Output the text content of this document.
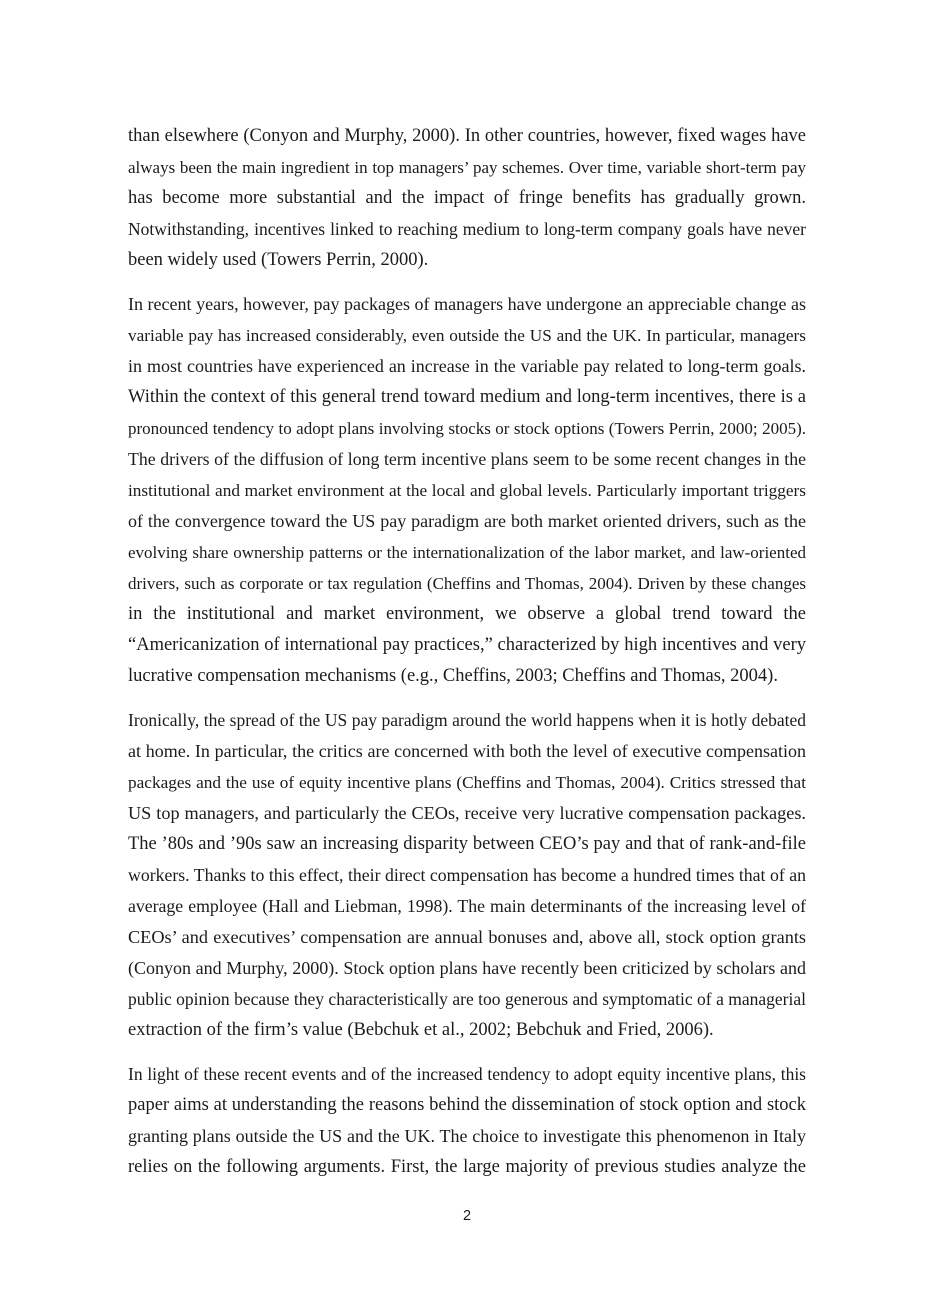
than elsewhere (Conyon and Murphy, 2000). In other countries, however, fixed wages have
always been the main ingredient in top managers’ pay schemes. Over time, variable short-term pay
has become more substantial and the impact of fringe benefits has gradually grown.
Notwithstanding, incentives linked to reaching medium to long-term company goals have never
been widely used (Towers Perrin, 2000).
In recent years, however, pay packages of managers have undergone an appreciable change as
variable pay has increased considerably, even outside the US and the UK. In particular, managers
in most countries have experienced an increase in the variable pay related to long-term goals.
Within the context of this general trend toward medium and long-term incentives, there is a
pronounced tendency to adopt plans involving stocks or stock options (Towers Perrin, 2000; 2005).
The drivers of the diffusion of long term incentive plans seem to be some recent changes in the
institutional and market environment at the local and global levels. Particularly important triggers
of the convergence toward the US pay paradigm are both market oriented drivers, such as the
evolving share ownership patterns or the internationalization of the labor market, and law-oriented
drivers, such as corporate or tax regulation (Cheffins and Thomas, 2004). Driven by these changes
in the institutional and market environment, we observe a global trend toward the
“Americanization of international pay practices,” characterized by high incentives and very
lucrative compensation mechanisms (e.g., Cheffins, 2003; Cheffins and Thomas, 2004).
Ironically, the spread of the US pay paradigm around the world happens when it is hotly debated
at home. In particular, the critics are concerned with both the level of executive compensation
packages and the use of equity incentive plans (Cheffins and Thomas, 2004). Critics stressed that
US top managers, and particularly the CEOs, receive very lucrative compensation packages.
The ’80s and ’90s saw an increasing disparity between CEO’s pay and that of rank-and-file
workers. Thanks to this effect, their direct compensation has become a hundred times that of an
average employee (Hall and Liebman, 1998). The main determinants of the increasing level of
CEOs’ and executives’ compensation are annual bonuses and, above all, stock option grants
(Conyon and Murphy, 2000). Stock option plans have recently been criticized by scholars and
public opinion because they characteristically are too generous and symptomatic of a managerial
extraction of the firm’s value (Bebchuk et al., 2002; Bebchuk and Fried, 2006).
In light of these recent events and of the increased tendency to adopt equity incentive plans, this
paper aims at understanding the reasons behind the dissemination of stock option and stock
granting plans outside the US and the UK. The choice to investigate this phenomenon in Italy
relies on the following arguments. First, the large majority of previous studies analyze the
2
